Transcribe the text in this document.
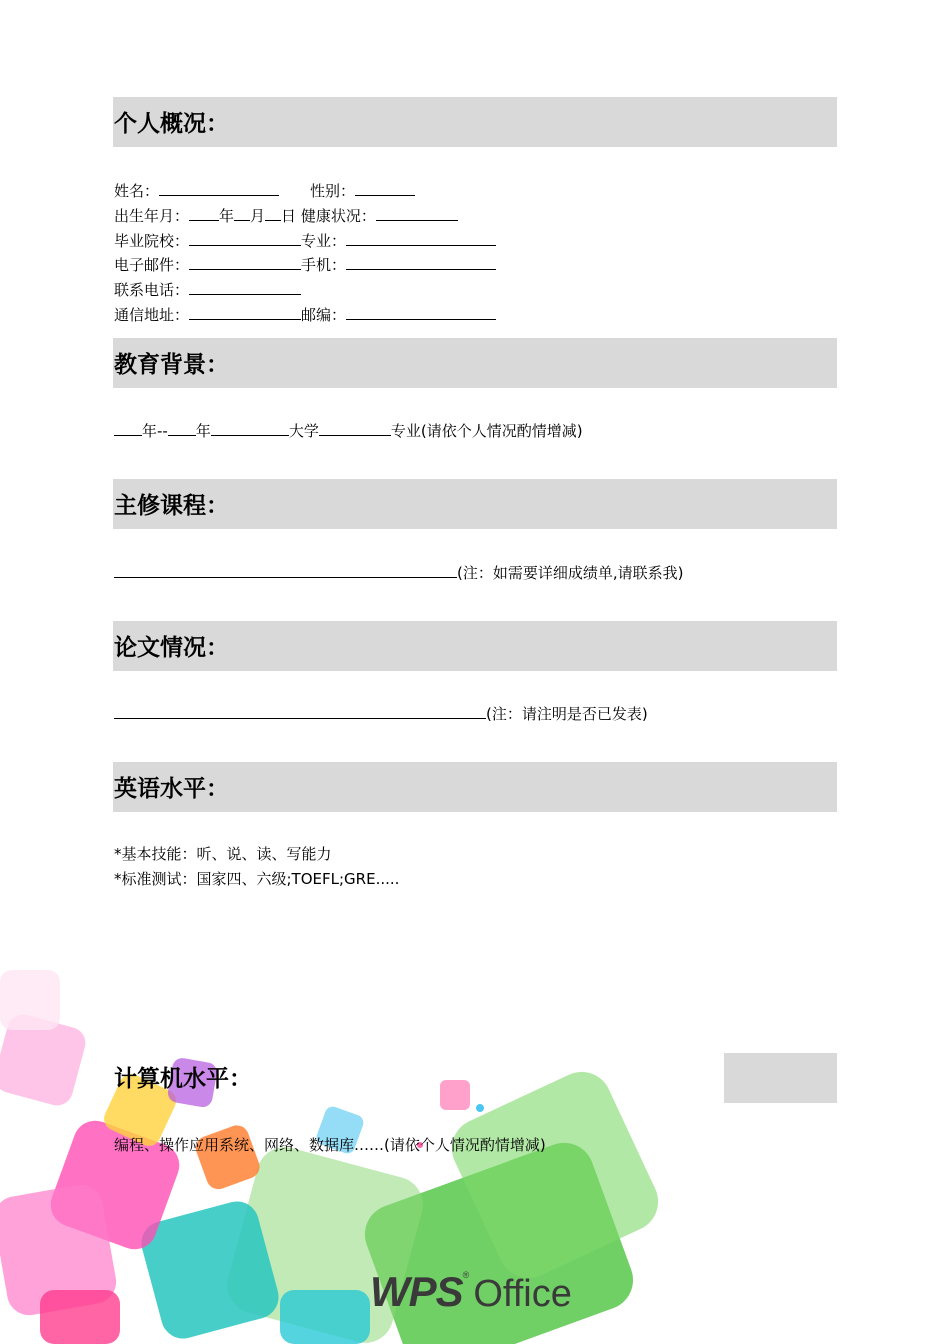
个人概况：
姓名：	性别：
出生年月： 年 月 日 健康状况：
毕业院校：	专业：
电子邮件：	手机：
联系电话：
通信地址：	邮编：
教育背景：
年-- 年	大学	专业(请依个人情况酌情增减)
主修课程：
(注：如需要详细成绩单,请联系我)
论文情况：
(注：请注明是否已发表)
英语水平：
*基本技能：听、说、读、写能力
*标准测试：国家四、六级;TOEFL;GRE.....
计算机水平：
编程、操作应用系统、网络、数据库……(请依个人情况酌情增减)
WPS® Office
